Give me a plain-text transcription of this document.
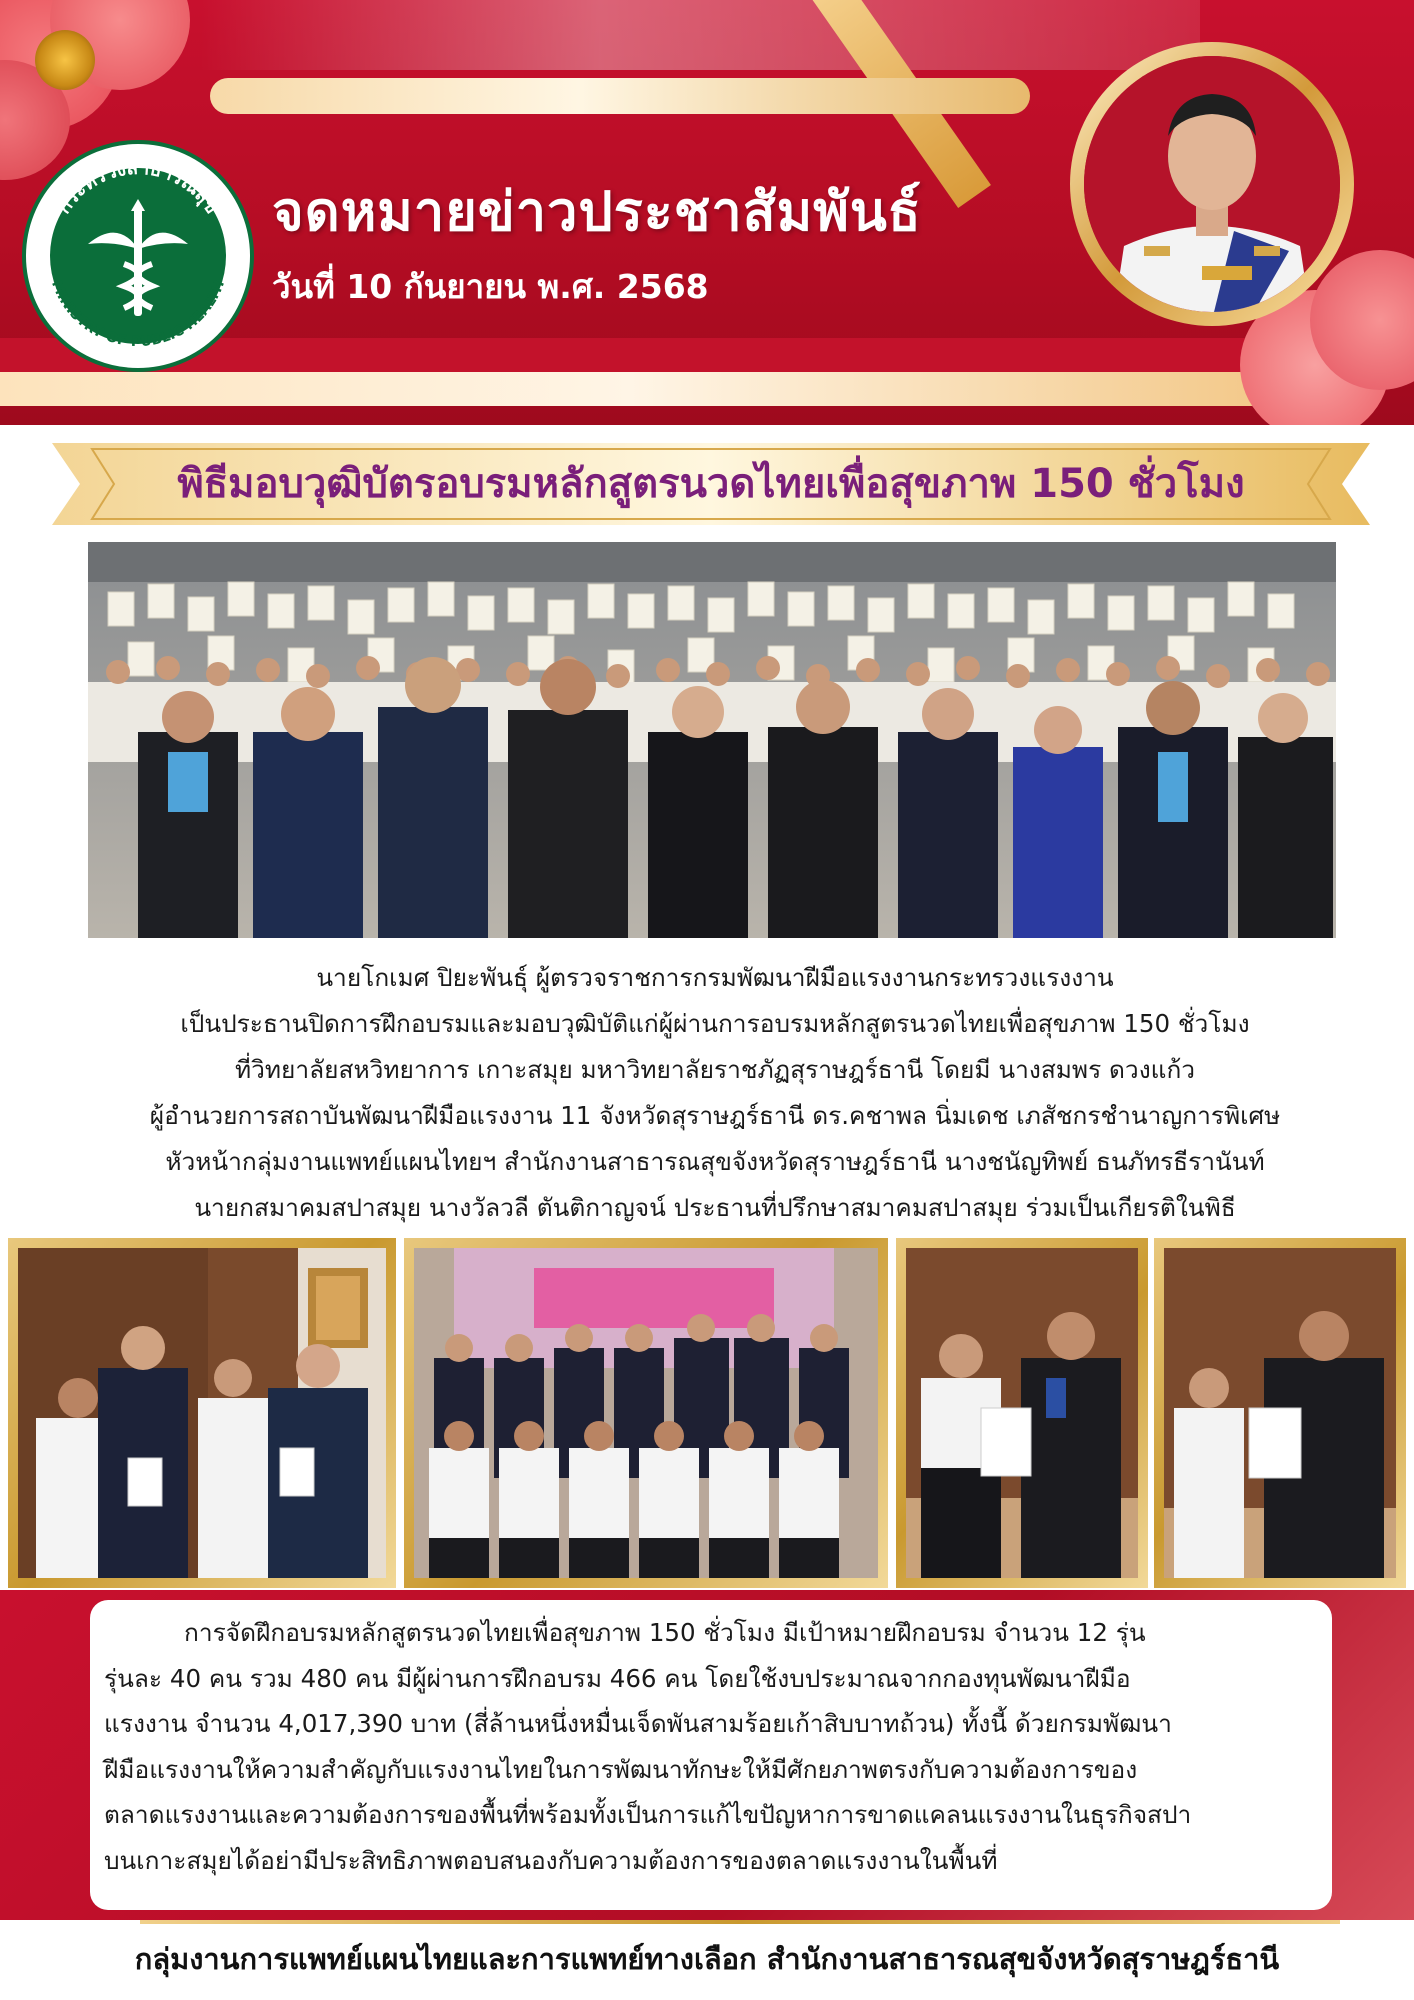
กระทรวงสาธารณสุข
MINISTRY OF PUBLIC HEALTH
จดหมายข่าวประชาสัมพันธ์
วันที่ 10 กันยายน พ.ศ. 2568
พิธีมอบวุฒิบัตรอบรมหลักสูตรนวดไทยเพื่อสุขภาพ 150 ชั่วโมง
นายโกเมศ ปิยะพันธุ์ ผู้ตรวจราชการกรมพัฒนาฝีมือแรงงานกระทรวงแรงงาน
เป็นประธานปิดการฝึกอบรมและมอบวุฒิบัติแก่ผู้ผ่านการอบรมหลักสูตรนวดไทยเพื่อสุขภาพ 150 ชั่วโมง
ที่วิทยาลัยสหวิทยาการ เกาะสมุย มหาวิทยาลัยราชภัฏสุราษฎร์ธานี โดยมี นางสมพร ดวงแก้ว
ผู้อำนวยการสถาบันพัฒนาฝีมือแรงงาน 11 จังหวัดสุราษฎร์ธานี ดร.คชาพล นิ่มเดช เภสัชกรชำนาญการพิเศษ
หัวหน้ากลุ่มงานแพทย์แผนไทยฯ สำนักงานสาธารณสุขจังหวัดสุราษฎร์ธานี นางชนัญทิพย์ ธนภัทรธีรานันท์
นายกสมาคมสปาสมุย นางวัลวลี ตันติกาญจน์ ประธานที่ปรึกษาสมาคมสปาสมุย ร่วมเป็นเกียรติในพิธี
การจัดฝึกอบรมหลักสูตรนวดไทยเพื่อสุขภาพ 150 ชั่วโมง มีเป้าหมายฝึกอบรม จำนวน 12 รุ่น
รุ่นละ 40 คน รวม 480 คน มีผู้ผ่านการฝึกอบรม 466 คน โดยใช้งบประมาณจากกองทุนพัฒนาฝีมือ
แรงงาน จำนวน 4,017,390 บาท (สี่ล้านหนึ่งหมื่นเจ็ดพันสามร้อยเก้าสิบบาทถ้วน) ทั้งนี้ ด้วยกรมพัฒนา
ฝีมือแรงงานให้ความสำคัญกับแรงงานไทยในการพัฒนาทักษะให้มีศักยภาพตรงกับความต้องการของ
ตลาดแรงงานและความต้องการของพื้นที่พร้อมทั้งเป็นการแก้ไขปัญหาการขาดแคลนแรงงานในธุรกิจสปา
บนเกาะสมุยได้อย่ามีประสิทธิภาพตอบสนองกับความต้องการของตลาดแรงงานในพื้นที่
กลุ่มงานการแพทย์แผนไทยและการแพทย์ทางเลือก สำนักงานสาธารณสุขจังหวัดสุราษฎร์ธานี
